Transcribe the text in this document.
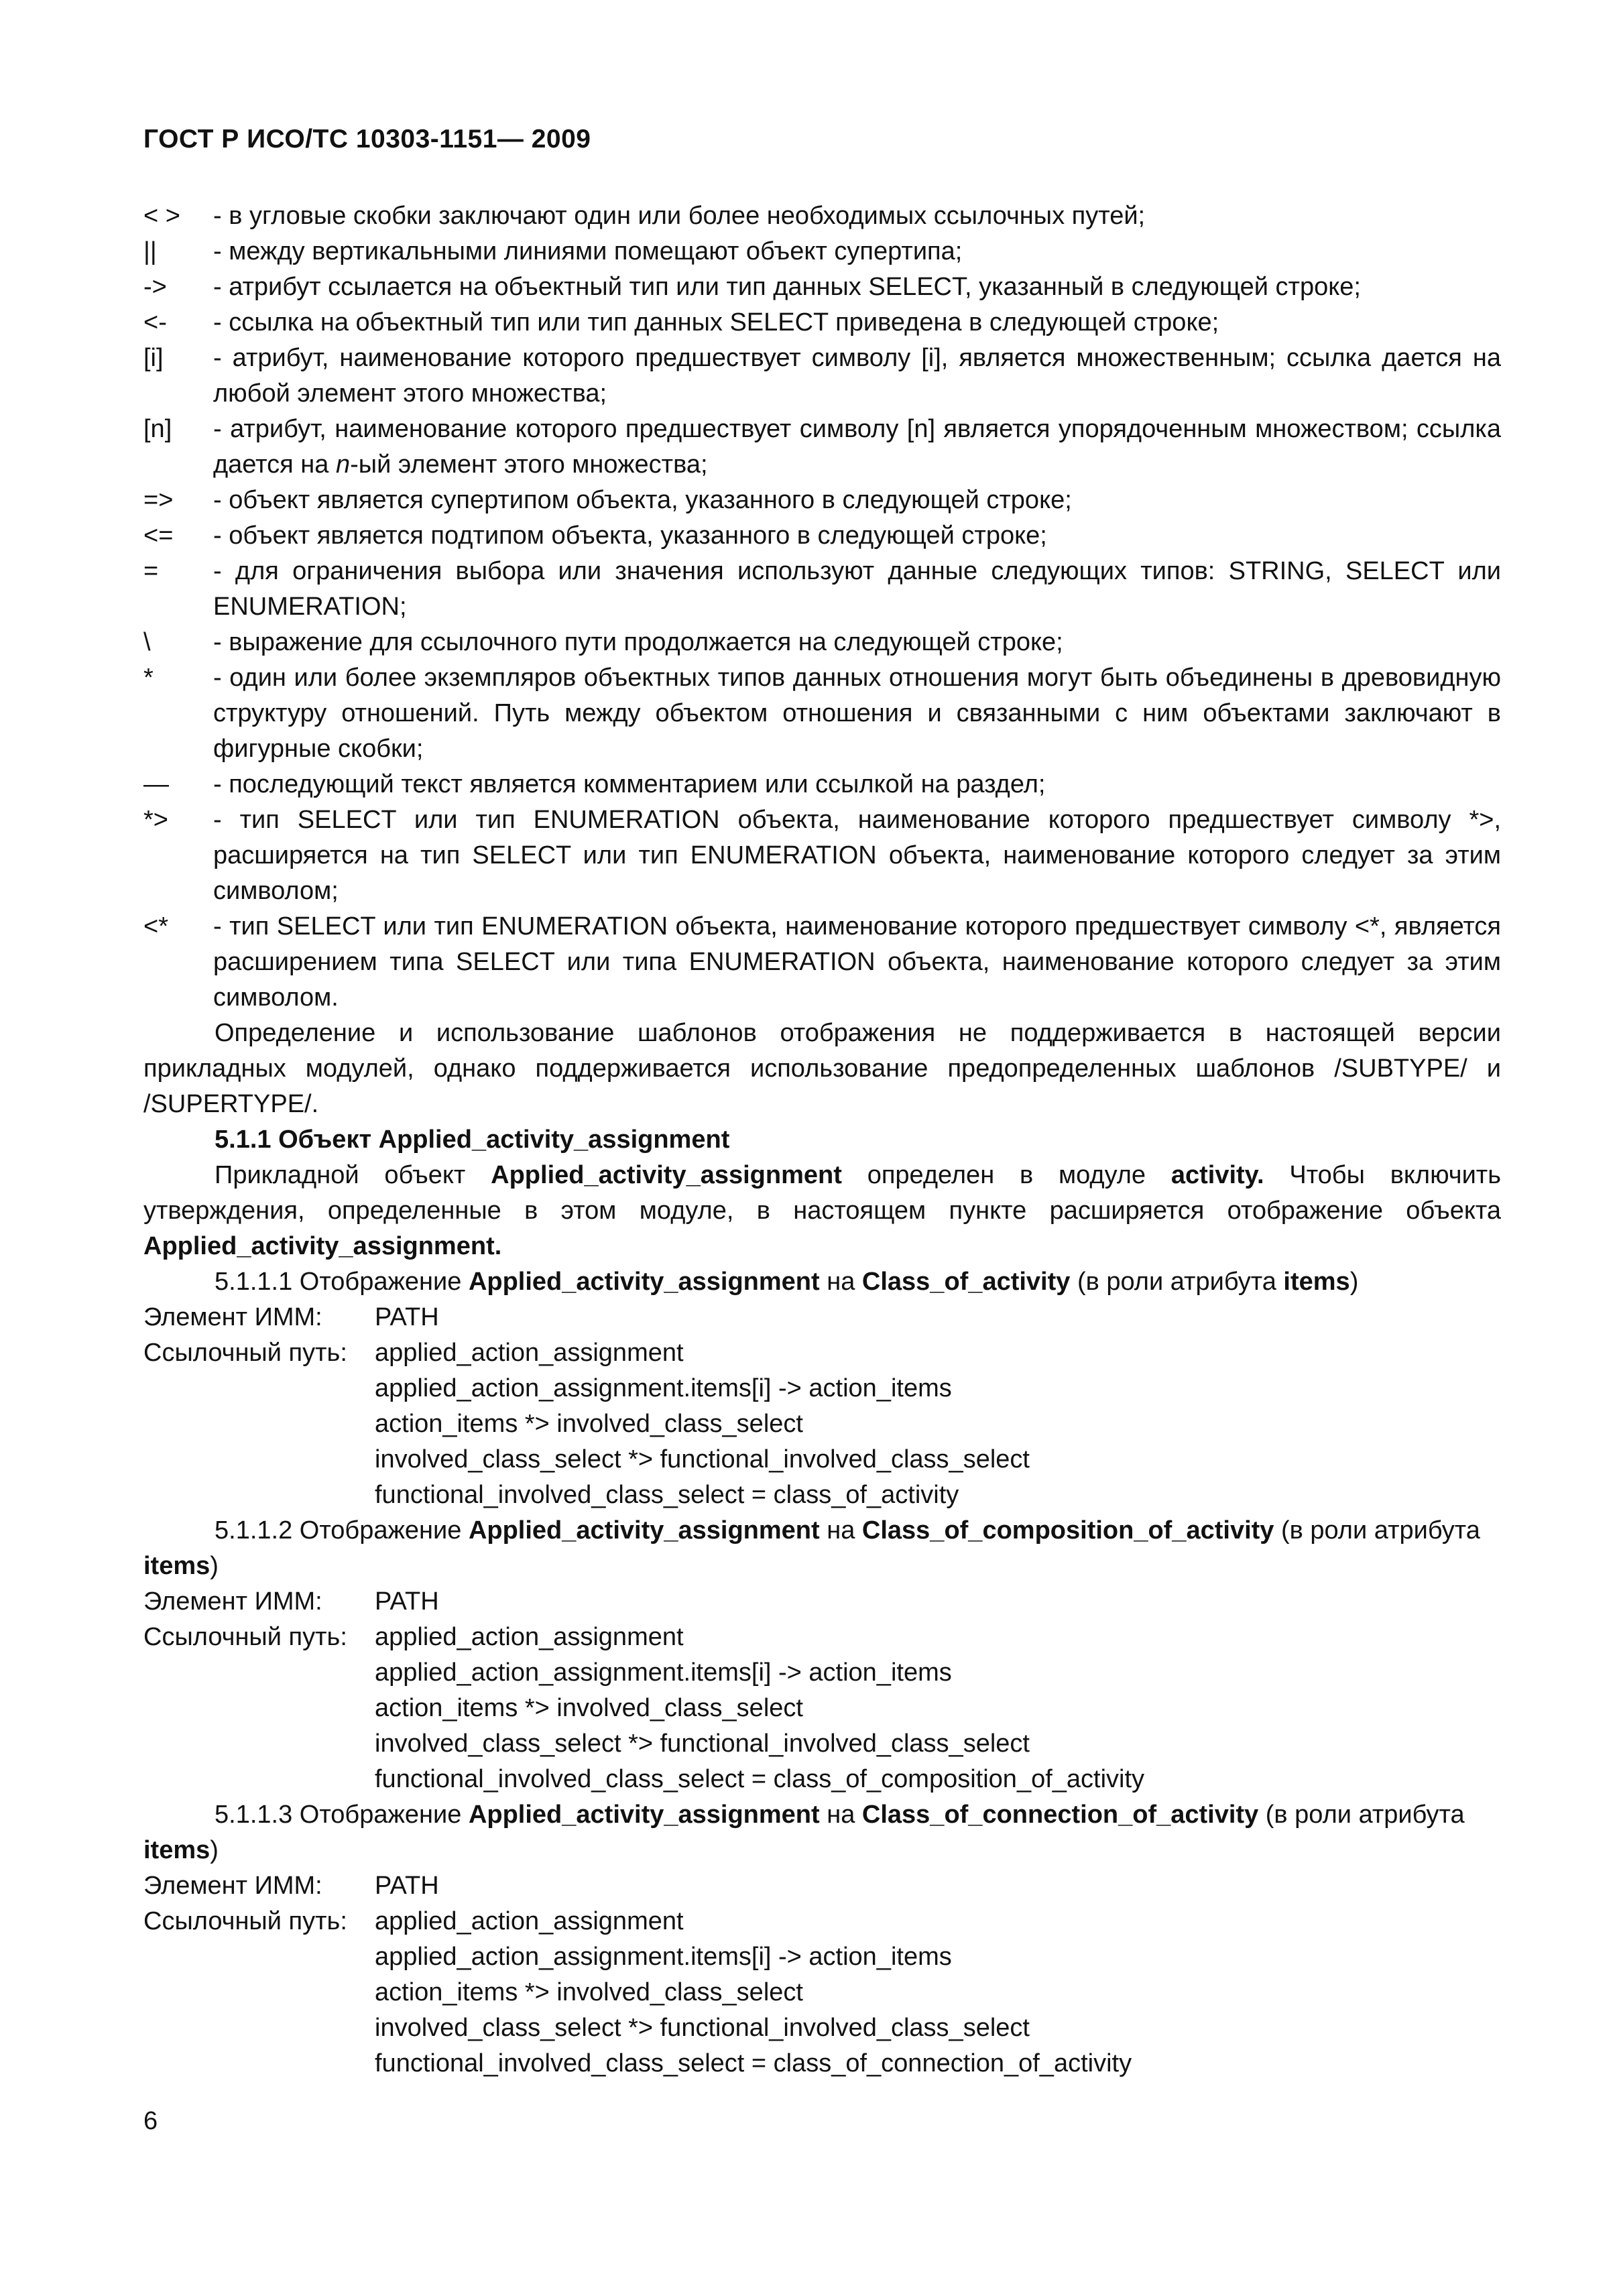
ГОСТ Р ИСО/ТС 10303-1151— 2009
< >	- в угловые скобки заключают один или более необходимых ссылочных путей;
||	- между вертикальными линиями помещают объект супертипа;
->	- атрибут ссылается на объектный тип или тип данных SELECT, указанный в следующей строке;
<-	- ссылка на объектный тип или тип данных SELECT приведена в следующей строке;
[i]	- атрибут, наименование которого предшествует символу [i], является множественным; ссылка дается на любой элемент этого множества;
[n]	- атрибут, наименование которого предшествует символу [n] является упорядоченным множеством; ссылка дается на n-ый элемент этого множества;
=>	- объект является супертипом объекта, указанного в следующей строке;
<=	- объект является подтипом объекта, указанного в следующей строке;
=	- для ограничения выбора или значения используют данные следующих типов: STRING, SELECT или ENUMERATION;
\	- выражение для ссылочного пути продолжается на следующей строке;
*	- один или более экземпляров объектных типов данных отношения могут быть объединены в древовидную структуру отношений. Путь между объектом отношения и связанными с ним объектами заключают в фигурные скобки;
—	- последующий текст является комментарием или ссылкой на раздел;
*>	- тип SELECT или тип ENUMERATION объекта, наименование которого предшествует символу *>, расширяется на тип SELECT или тип ENUMERATION объекта, наименование которого следует за этим символом;
<*	- тип SELECT или тип ENUMERATION объекта, наименование которого предшествует символу <*, является расширением типа SELECT или типа ENUMERATION объекта, наименование которого следует за этим символом.
Определение и использование шаблонов отображения не поддерживается в настоящей версии прикладных модулей, однако поддерживается использование предопределенных шаблонов /SUBTYPE/ и /SUPERTYPE/.
5.1.1 Объект Applied_activity_assignment
Прикладной объект Applied_activity_assignment определен в модуле activity. Чтобы включить утверждения, определенные в этом модуле, в настоящем пункте расширяется отображение объекта Applied_activity_assignment.
5.1.1.1 Отображение Applied_activity_assignment на Class_of_activity (в роли атрибута items)
Элемент ИММ: PATH
Ссылочный путь: applied_action_assignment
applied_action_assignment.items[i] -> action_items
action_items *> involved_class_select
involved_class_select *> functional_involved_class_select
functional_involved_class_select = class_of_activity
5.1.1.2 Отображение Applied_activity_assignment на Class_of_composition_of_activity (в роли атрибута items)
Элемент ИММ: PATH
Ссылочный путь: applied_action_assignment
applied_action_assignment.items[i] -> action_items
action_items *> involved_class_select
involved_class_select *> functional_involved_class_select
functional_involved_class_select = class_of_composition_of_activity
5.1.1.3 Отображение Applied_activity_assignment на Class_of_connection_of_activity (в роли атрибута items)
Элемент ИММ: PATH
Ссылочный путь: applied_action_assignment
applied_action_assignment.items[i] -> action_items
action_items *> involved_class_select
involved_class_select *> functional_involved_class_select
functional_involved_class_select = class_of_connection_of_activity
6
